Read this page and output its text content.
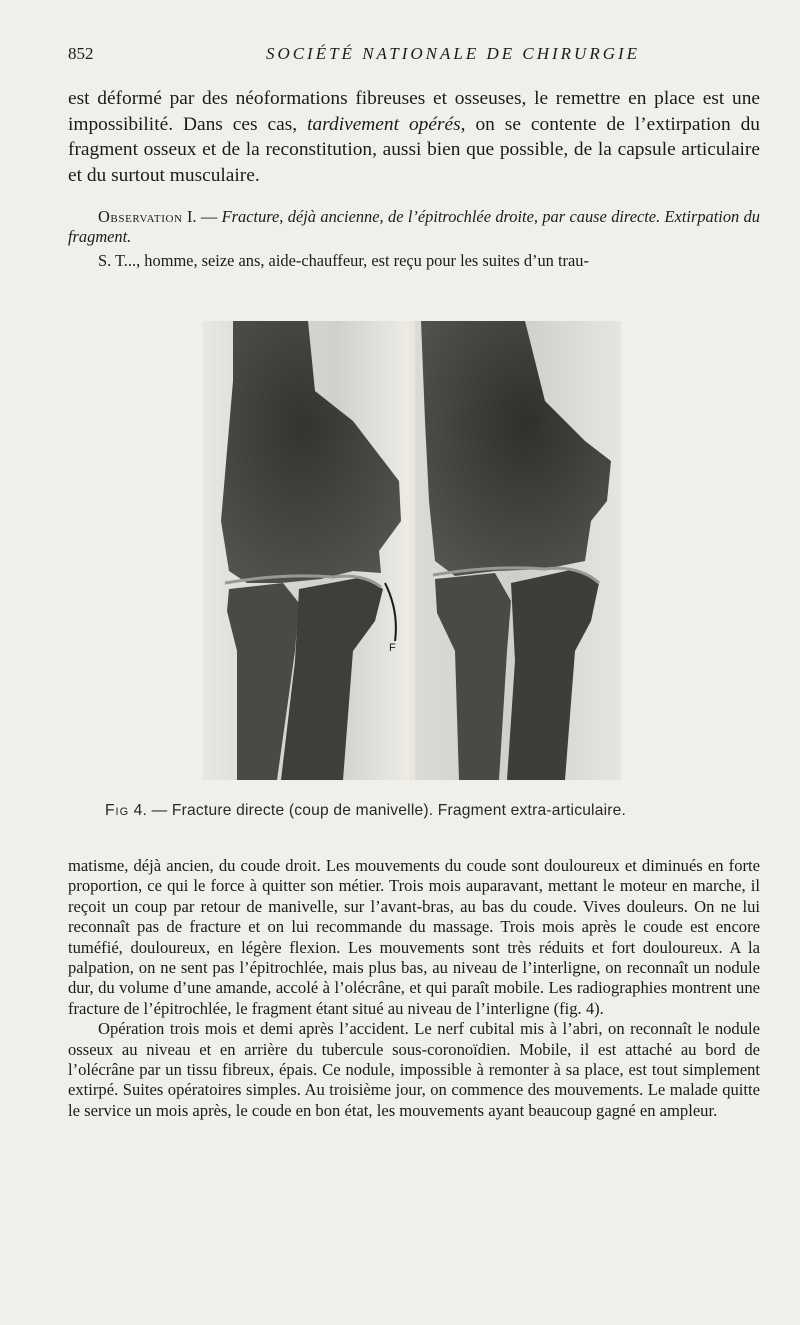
852	SOCIÉTÉ NATIONALE DE CHIRURGIE
est déformé par des néoformations fibreuses et osseuses, le remettre en place est une impossibilité. Dans ces cas, tardivement opérés, on se contente de l’extirpation du fragment osseux et de la reconstitution, aussi bien que possible, de la capsule articulaire et du surtout musculaire.
Observation I. — Fracture, déjà ancienne, de l’épitrochlée droite, par cause directe. Extirpation du fragment.
S. T..., homme, seize ans, aide-chauffeur, est reçu pour les suites d’un trau-
F
Fig 4. — Fracture directe (coup de manivelle). Fragment extra-articulaire.

matisme, déjà ancien, du coude droit. Les mouvements du coude sont douloureux et diminués en forte proportion, ce qui le force à quitter son métier. Trois mois auparavant, mettant le moteur en marche, il reçoit un coup par retour de manivelle, sur l’avant-bras, au bas du coude. Vives douleurs. On ne lui reconnaît pas de fracture et on lui recommande du massage. Trois mois après le coude est encore tuméfié, douloureux, en légère flexion. Les mouvements sont très réduits et fort douloureux. A la palpation, on ne sent pas l’épitrochlée, mais plus bas, au niveau de l’interligne, on reconnaît un nodule dur, du volume d’une amande, accolé à l’olécrâne, et qui paraît mobile. Les radiographies montrent une fracture de l’épitrochlée, le fragment étant situé au niveau de l’interligne (fig. 4).

Opération trois mois et demi après l’accident. Le nerf cubital mis à l’abri, on reconnaît le nodule osseux au niveau et en arrière du tubercule sous-coronoïdien. Mobile, il est attaché au bord de l’olécrâne par un tissu fibreux, épais. Ce nodule, impossible à remonter à sa place, est tout simplement extirpé. Suites opératoires simples. Au troisième jour, on commence des mouvements. Le malade quitte le service un mois après, le coude en bon état, les mouvements ayant beaucoup gagné en ampleur.
